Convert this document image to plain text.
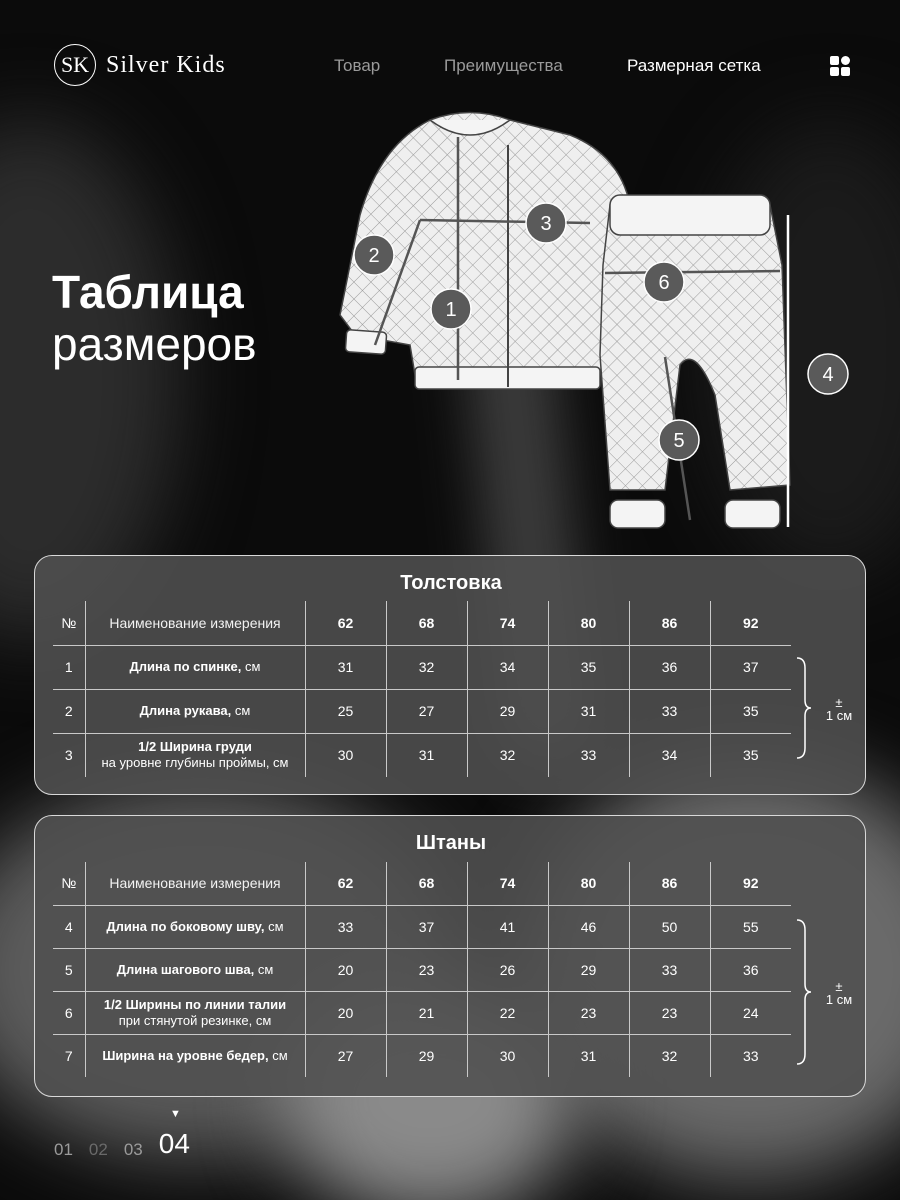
SK Silver Kids	Товар	Преимущества	Размерная сетка
Таблица
размеров
1
2
3
4
5
6
Толстовка
№	Наименование измерения	62	68	74	80	86	92
1	Длина по спинке, см	31	32	34	35	36	37
2	Длина рукава, см	25	27	29	31	33	35
3	1/2 Ширина груди
на уровне глубины проймы, см	30	31	32	33	34	35
±
1 см
Штаны
№	Наименование измерения	62	68	74	80	86	92
4	Длина по боковому шву, см	33	37	41	46	50	55
5	Длина шагового шва, см	20	23	26	29	33	36
6	1/2 Ширины по линии талии
при стянутой резинке, см	20	21	22	23	23	24
7	Ширина на уровне бедер, см	27	29	30	31	32	33
±
1 см
▼
01 02 03 04
